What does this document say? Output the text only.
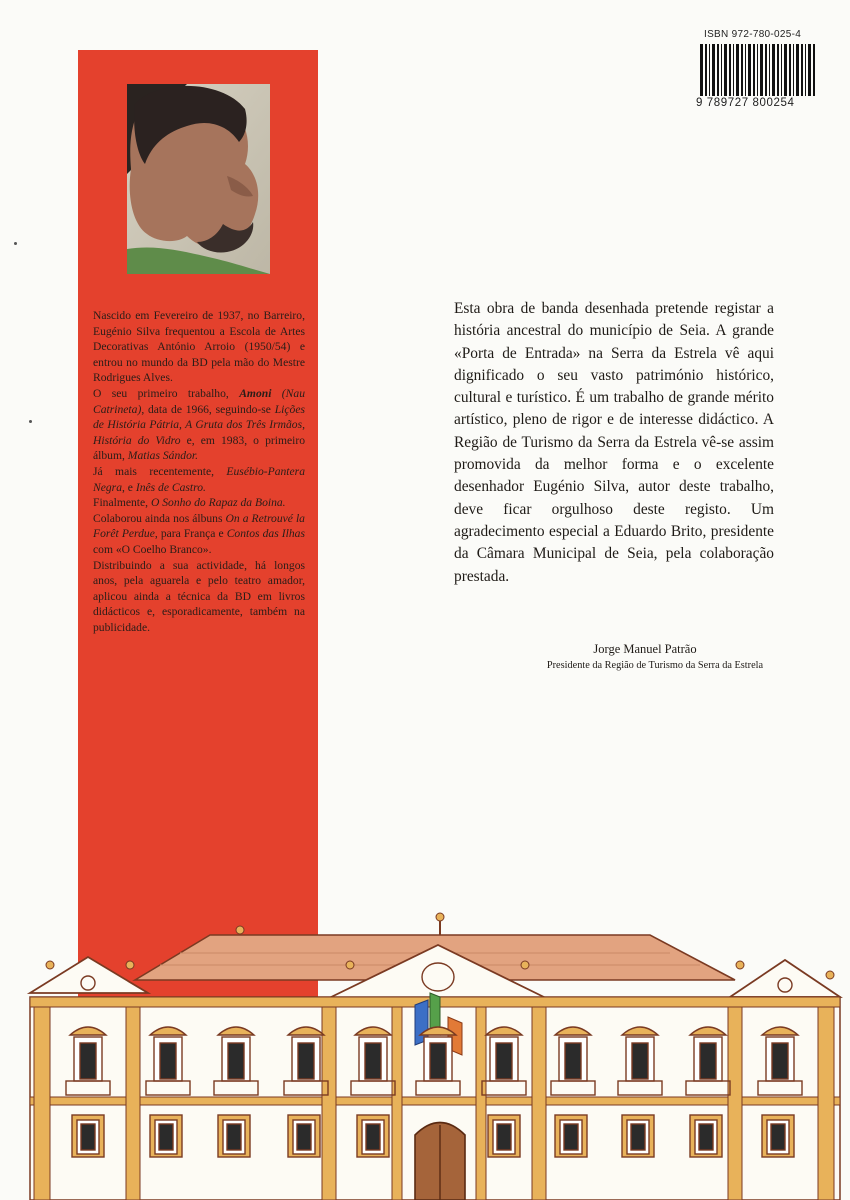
Nascido em Fevereiro de 1937, no Barreiro, Eugénio Silva frequentou a Escola de Artes Decorativas António Arroio (1950/54) e entrou no mundo da BD pela mão do Mestre Rodrigues Alves.

O seu primeiro trabalho, Amoni (Nau Catrineta), data de 1966, seguindo-se Lições de História Pátria, A Gruta dos Três Irmãos, História do Vidro e, em 1983, o primeiro álbum, Matias Sándor.

Já mais recentemente, Eusébio-Pantera Negra, e Inês de Castro.

Finalmente, O Sonho do Rapaz da Boina.

Colaborou ainda nos álbuns On a Retrouvé la Forêt Perdue, para França e Contos das Ilhas com «O Coelho Branco».

Distribuindo a sua actividade, há longos anos, pela aguarela e pelo teatro amador, aplicou ainda a técnica da BD em livros didácticos e, esporadicamente, também na publicidade.

ISBN 972-780-025-4
9 789727 800254

Esta obra de banda desenhada pretende registar a história ancestral do município de Seia. A grande «Porta de Entrada» na Serra da Estrela vê aqui dignificado o seu vasto património histórico, cultural e turístico. É um trabalho de grande mérito artístico, pleno de rigor e de interesse didáctico. A Região de Turismo da Serra da Estrela vê-se assim promovida da melhor forma e o excelente desenhador Eugénio Silva, autor deste trabalho, deve ficar orgulhoso deste registo. Um agradecimento especial a Eduardo Brito, presidente da Câmara Municipal de Seia, pela colaboração prestada.

Jorge Manuel Patrão
Presidente da Região de Turismo da Serra da Estrela
